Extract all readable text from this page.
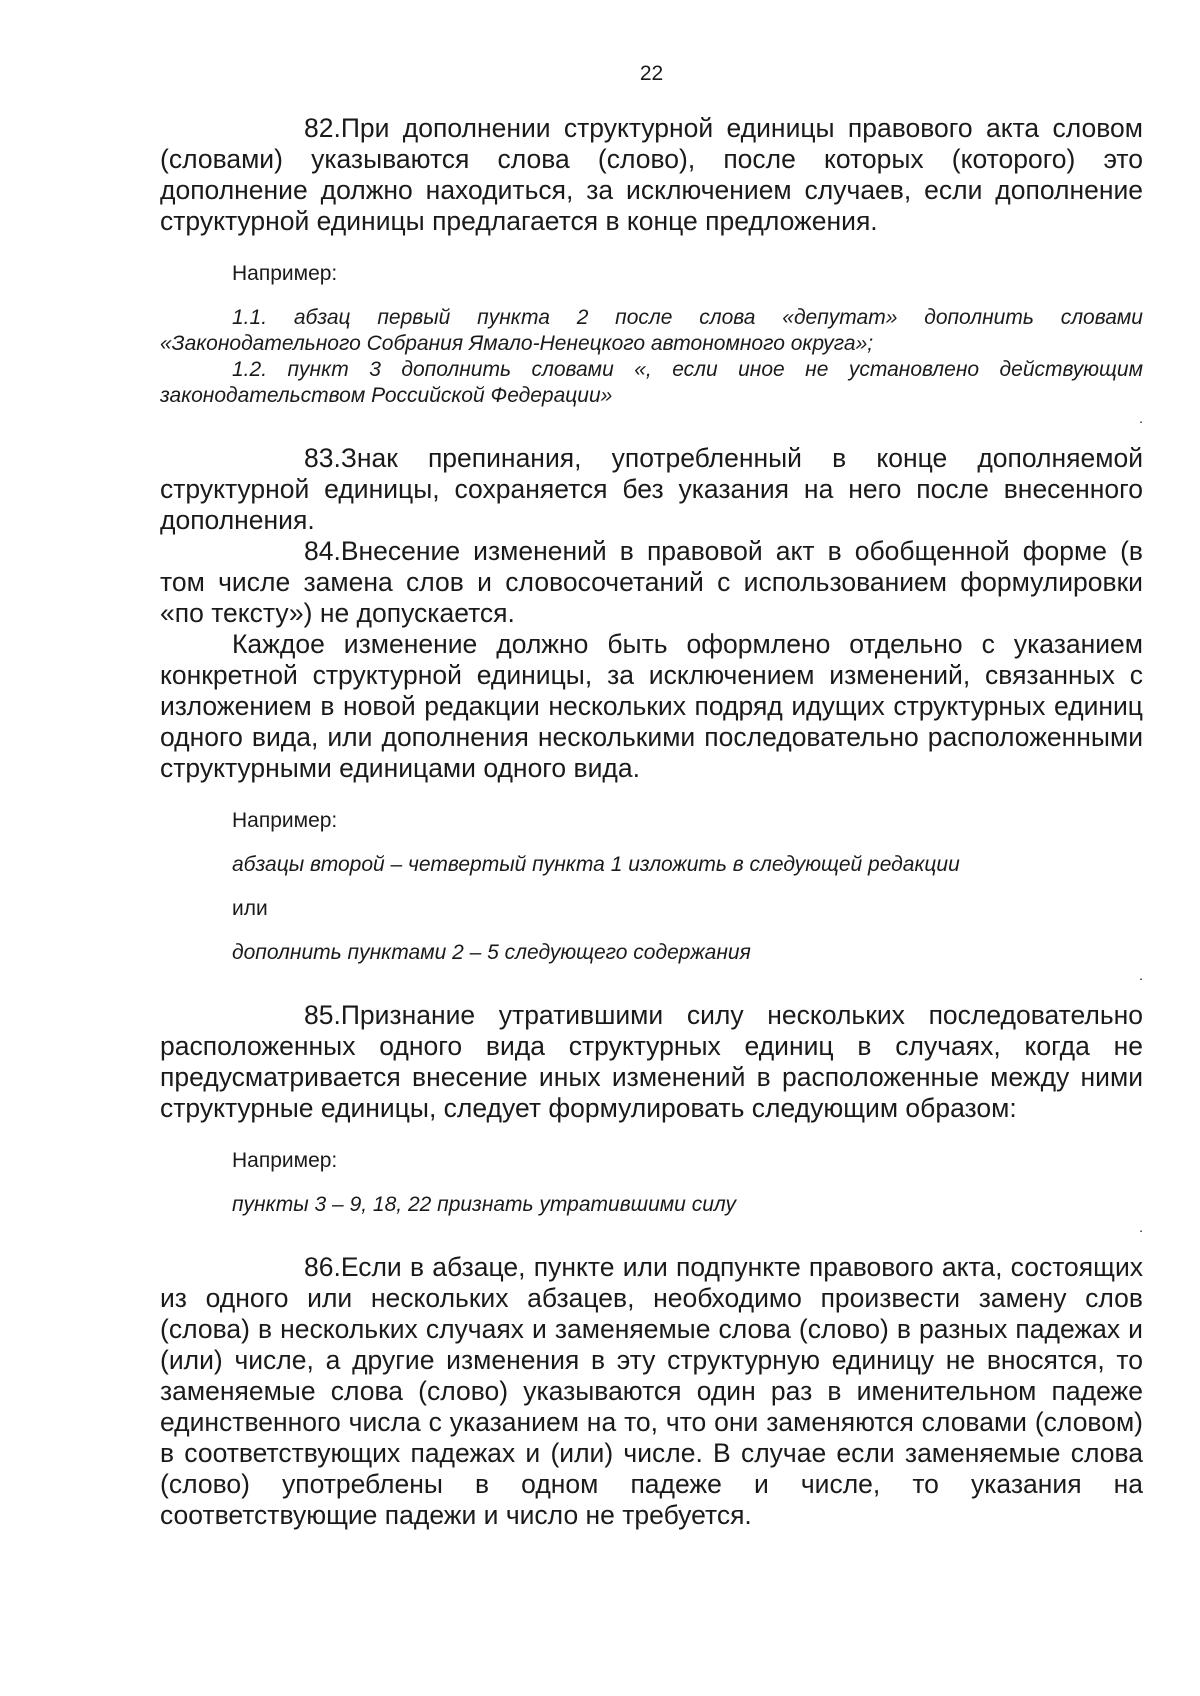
22

82.При дополнении структурной единицы правового акта словом (словами) указываются слова (слово), после которых (которого) это дополнение должно находиться, за исключением случаев, если дополнение структурной единицы предлагается в конце предложения.

Например:

1.1. абзац первый пункта 2 после слова «депутат» дополнить словами «Законодательного Собрания Ямало-Ненецкого автономного округа»;

1.2. пункт 3 дополнить словами «, если иное не установлено действующим законодательством Российской Федерации»

.

83.Знак препинания, употребленный в конце дополняемой структурной единицы, сохраняется без указания на него после внесенного дополнения.

84.Внесение изменений в правовой акт в обобщенной форме (в том числе замена слов и словосочетаний с использованием формулировки «по тексту») не допускается.

Каждое изменение должно быть оформлено отдельно с указанием конкретной структурной единицы, за исключением изменений, связанных с изложением в новой редакции нескольких подряд идущих структурных единиц одного вида, или дополнения несколькими последовательно расположенными структурными единицами одного вида.

Например:

абзацы второй – четвертый пункта 1 изложить в следующей редакции

или

дополнить пунктами 2 – 5 следующего содержания

.

85.Признание утратившими силу нескольких последовательно расположенных одного вида структурных единиц в случаях, когда не предусматривается внесение иных изменений в расположенные между ними структурные единицы, следует формулировать следующим образом:

Например:

пункты 3 – 9, 18, 22 признать утратившими силу

.

86.Если в абзаце, пункте или подпункте правового акта, состоящих из одного или нескольких абзацев, необходимо произвести замену слов (слова) в нескольких случаях и заменяемые слова (слово) в разных падежах и (или) числе, а другие изменения в эту структурную единицу не вносятся, то заменяемые слова (слово) указываются один раз в именительном падеже единственного числа с указанием на то, что они заменяются словами (словом) в соответствующих падежах и (или) числе. В случае если заменяемые слова (слово) употреблены в одном падеже и числе, то указания на соответствующие падежи и число не требуется.
